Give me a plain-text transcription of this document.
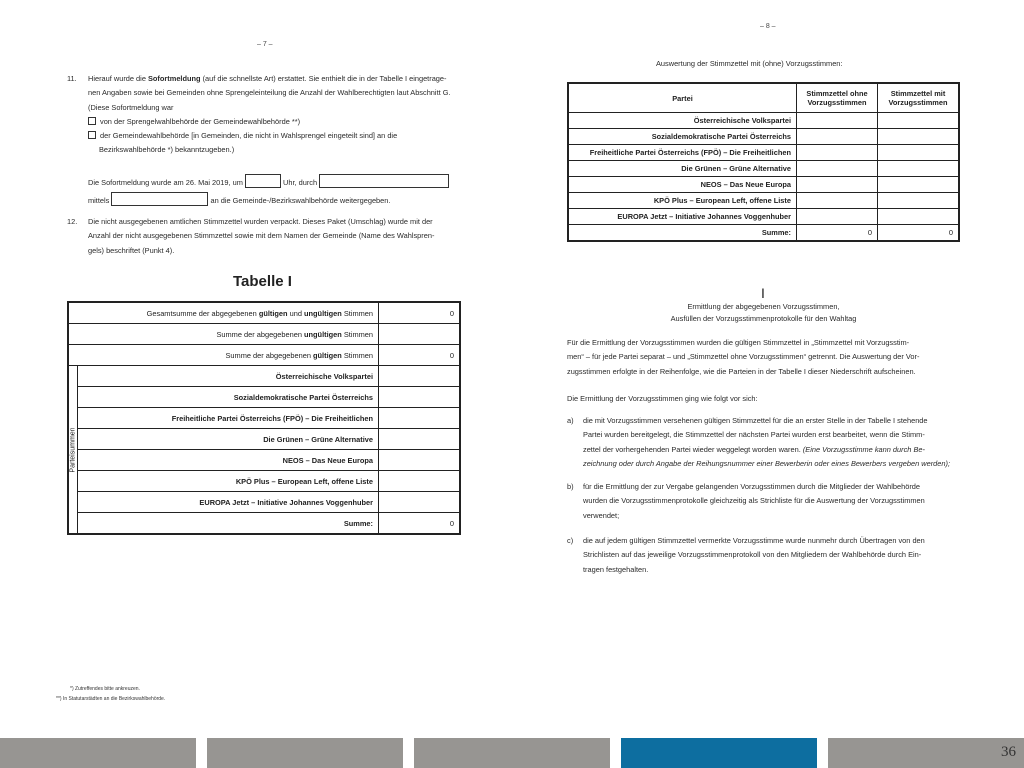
– 7 –
11. Hierauf wurde die Sofortmeldung (auf die schnellste Art) erstattet. Sie enthielt die in der Tabelle I eingetrage-
nen Angaben sowie bei Gemeinden ohne Sprengeleinteilung die Anzahl der Wahlberechtigten laut Abschnitt G.
(Diese Sofortmeldung war
von der Sprengelwahlbehörde der Gemeindewahlbehörde **)
der Gemeindewahlbehörde [in Gemeinden, die nicht in Wahlsprengel eingeteilt sind] an die
Bezirkswahlbehörde *) bekanntzugeben.)
Die Sofortmeldung wurde am 26. Mai 2019, um	Uhr, durch
mittels	an die Gemeinde-/Bezirkswahlbehörde weitergegeben.
12. Die nicht ausgegebenen amtlichen Stimmzettel wurden verpackt. Dieses Paket (Umschlag) wurde mit der
Anzahl der nicht ausgegebenen Stimmzettel sowie mit dem Namen der Gemeinde (Name des Wahlspren-
gels) beschriftet (Punkt 4).
Tabelle I
Gesamtsumme der abgegebenen gültigen und ungültigen Stimmen		0
Summe der abgegebenen ungültigen Stimmen		
Summe der abgegebenen gültigen Stimmen		0

Parteisummen	Österreichische Volkspartei	
	Sozialdemokratische Partei Österreichs	
	Freiheitliche Partei Österreichs (FPÖ) – Die Freiheitlichen	
	Die Grünen – Grüne Alternative	
	NEOS – Das Neue Europa	
	KPÖ Plus – European Left, offene Liste	
	EUROPA Jetzt – Initiative Johannes Voggenhuber	
	Summe:	0
*) Zutreffendes bitte ankreuzen.
**) In Statutarstädten an die Bezirkswahlbehörde.
– 8 –
Auswertung der Stimmzettel mit (ohne) Vorzugsstimmen:
Partei	Stimmzettel ohne Vorzugsstimmen	Stimmzettel mit Vorzugsstimmen
Österreichische Volkspartei		
Sozialdemokratische Partei Österreichs		
Freiheitliche Partei Österreichs (FPÖ) – Die Freiheitlichen		
Die Grünen – Grüne Alternative		
NEOS – Das Neue Europa		
KPÖ Plus – European Left, offene Liste		
EUROPA Jetzt – Initiative Johannes Voggenhuber		
Summe:	0	0
I
Ermittlung der abgegebenen Vorzugsstimmen,
Ausfüllen der Vorzugsstimmenprotokolle für den Wahltag
Für die Ermittlung der Vorzugsstimmen wurden die gültigen Stimmzettel in „Stimmzettel mit Vorzugsstim-
men“ – für jede Partei separat – und „Stimmzettel ohne Vorzugsstimmen“ getrennt. Die Auswertung der Vor-
zugsstimmen erfolgte in der Reihenfolge, wie die Parteien in der Tabelle I dieser Niederschrift aufscheinen.
Die Ermittlung der Vorzugsstimmen ging wie folgt vor sich:
a) die mit Vorzugsstimmen versehenen gültigen Stimmzettel für die an erster Stelle in der Tabelle I stehende
Partei wurden bereitgelegt, die Stimmzettel der nächsten Partei wurden erst bearbeitet, wenn die Stimm-
zettel der vorhergehenden Partei wieder weggelegt worden waren. (Eine Vorzugsstimme kann durch Be-
zeichnung oder durch Angabe der Reihungsnummer einer Bewerberin oder eines Bewerbers vergeben werden);
b) für die Ermittlung der zur Vergabe gelangenden Vorzugsstimmen durch die Mitglieder der Wahlbehörde
wurden die Vorzugsstimmenprotokolle gleichzeitig als Strichliste für die Auswertung der Vorzugsstimmen
verwendet;
c) die auf jedem gültigen Stimmzettel vermerkte Vorzugsstimme wurde nunmehr durch Übertragen von den
Strichlisten auf das jeweilige Vorzugsstimmenprotokoll von den Mitgliedern der Wahlbehörde durch Ein-
tragen festgehalten.
36
